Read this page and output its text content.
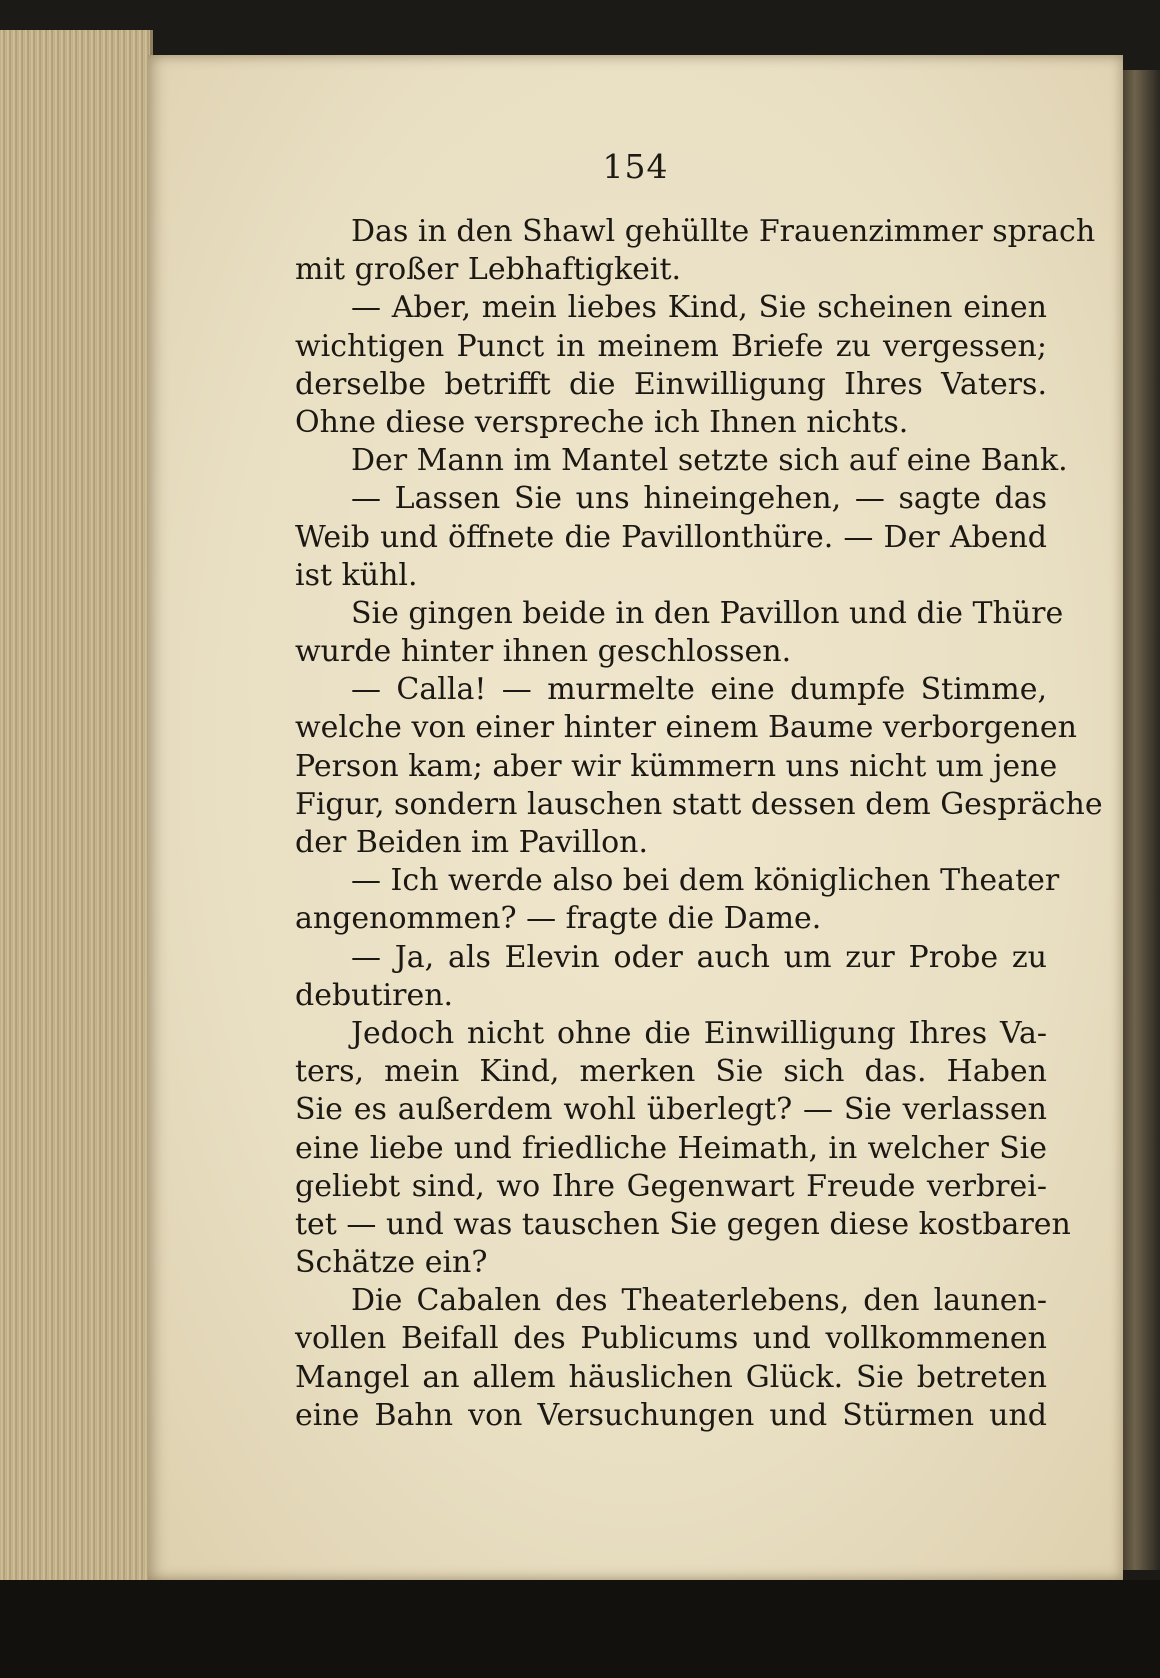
154
Das in den Shawl gehüllte Frauenzimmer sprach
mit großer Lebhaftigkeit.
— Aber, mein liebes Kind, Sie scheinen einen
wichtigen Punct in meinem Briefe zu vergessen;
derselbe betrifft die Einwilligung Ihres Vaters.
Ohne diese verspreche ich Ihnen nichts.
Der Mann im Mantel setzte sich auf eine Bank.
— Lassen Sie uns hineingehen, — sagte das
Weib und öffnete die Pavillonthüre. — Der Abend
ist kühl.
Sie gingen beide in den Pavillon und die Thüre
wurde hinter ihnen geschlossen.
— Calla! — murmelte eine dumpfe Stimme,
welche von einer hinter einem Baume verborgenen
Person kam; aber wir kümmern uns nicht um jene
Figur, sondern lauschen statt dessen dem Gespräche
der Beiden im Pavillon.
— Ich werde also bei dem königlichen Theater
angenommen? — fragte die Dame.
— Ja, als Elevin oder auch um zur Probe zu
debutiren.
Jedoch nicht ohne die Einwilligung Ihres Va-
ters, mein Kind, merken Sie sich das. Haben
Sie es außerdem wohl überlegt? — Sie verlassen
eine liebe und friedliche Heimath, in welcher Sie
geliebt sind, wo Ihre Gegenwart Freude verbrei-
tet — und was tauschen Sie gegen diese kostbaren
Schätze ein?
Die Cabalen des Theaterlebens, den launen-
vollen Beifall des Publicums und vollkommenen
Mangel an allem häuslichen Glück. Sie betreten
eine Bahn von Versuchungen und Stürmen und
